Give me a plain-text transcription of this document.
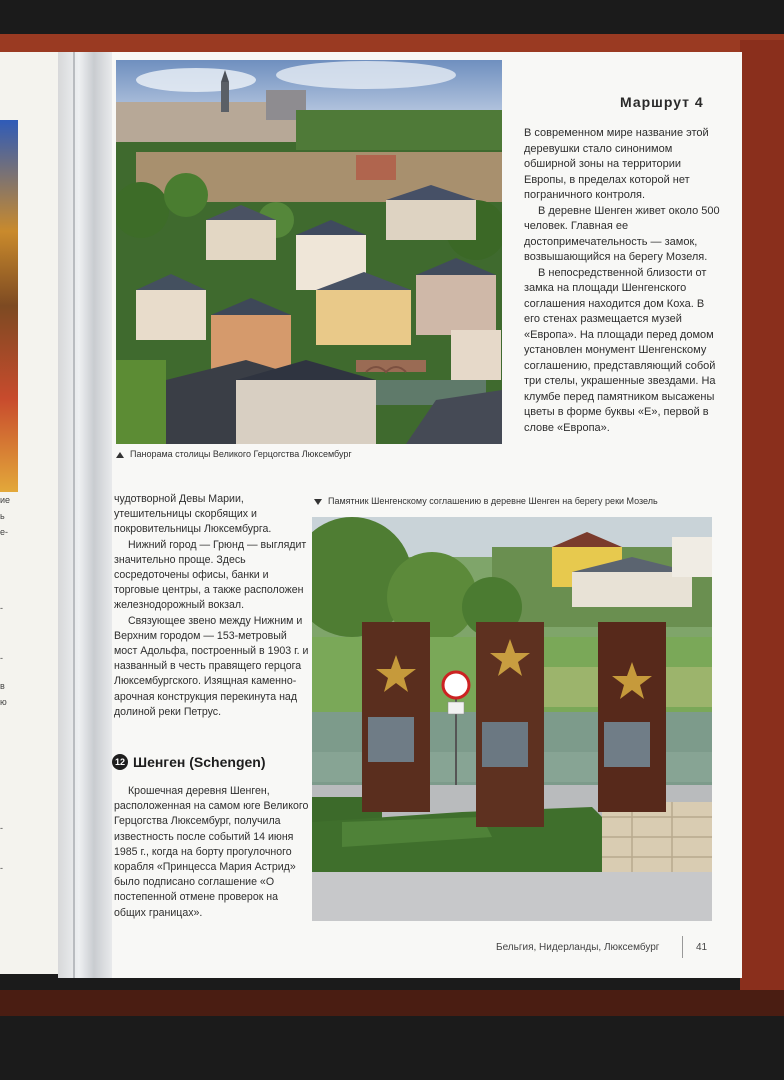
ие
ь
е-
-
-
в
ю
-
-
Маршрут 4

В современном мире название этой деревушки стало синонимом обширной зоны на территории Европы, в пределах которой нет пограничного контроля.

В деревне Шенген живет около 500 человек. Главная ее достопримечательность — замок, возвышающийся на берегу Мозеля.

В непосредственной близости от замка на площади Шенгенского соглашения находится дом Коха. В его стенах размещается музей «Европа». На площади перед домом установлен монумент Шенгенскому соглашению, представляющий собой три стелы, украшенные звездами. На клумбе перед памятником высажены цветы в форме буквы «Е», первой в слове «Европа».

Панорама столицы Великого Герцогства Люксембург
Памятник Шенгенскому соглашению в деревне Шенген на берегу реки Мозель

чудотворной Девы Марии, утешительницы скорбящих и покровительницы Люксембурга.

Нижний город — Грюнд — выглядит значительно проще. Здесь сосредоточены офисы, банки и торговые центры, а также расположен железнодорожный вокзал.

Связующее звено между Нижним и Верхним городом — 153-метровый мост Адольфа, построенный в 1903 г. и названный в честь правящего герцога Люксембургского. Изящная каменно-арочная конструкция перекинута над долиной реки Петрус.

12 Шенген (Schengen)

Крошечная деревня Шенген, расположенная на самом юге Великого Герцогства Люксембург, получила известность после событий 14 июня 1985 г., когда на борту прогулочного корабля «Принцесса Мария Астрид» было подписано соглашение «О постепенной отмене проверок на общих границах».

Бельгия, Нидерланды, Люксембург	41
